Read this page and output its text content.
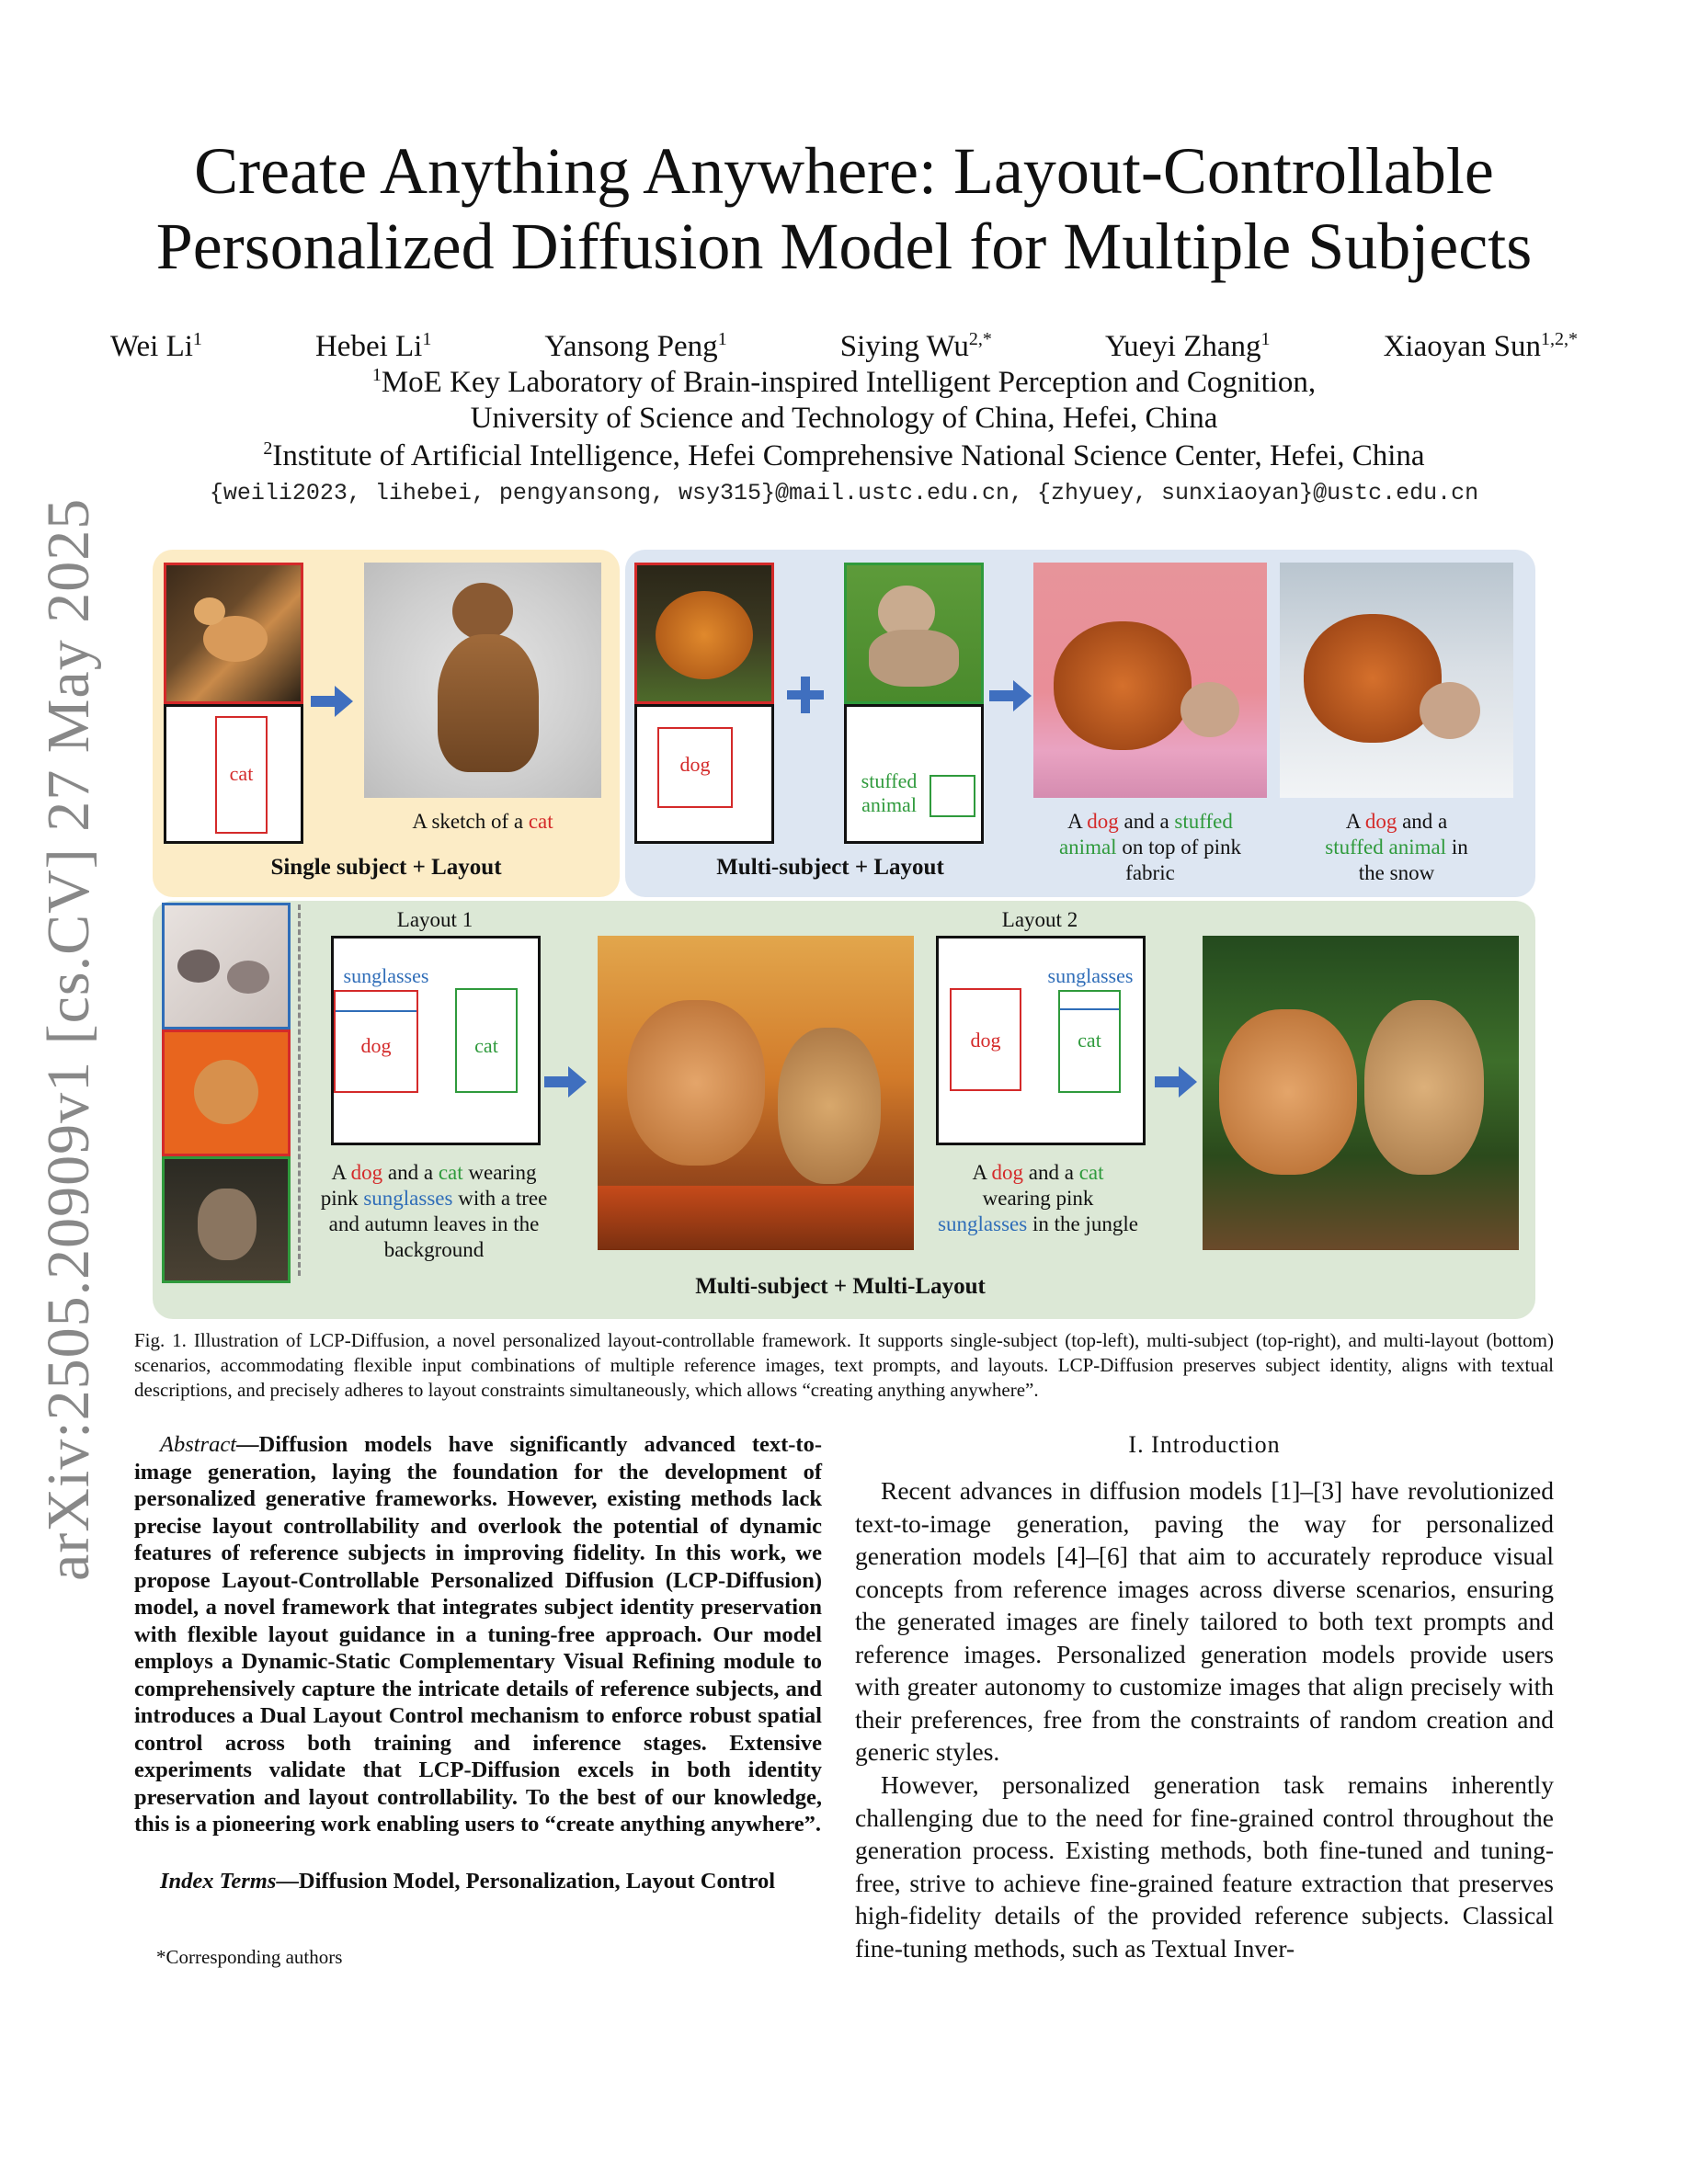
arXiv:2505.20909v1 [cs.CV] 27 May 2025
Create Anything Anywhere: Layout-Controllable
Personalized Diffusion Model for Multiple Subjects
Wei Li$^1$	Hebei Li$^1$	Yansong Peng$^1$	Siying $Wu^{2,*}$	Yueyi Zhang$^1$	Xiaoyan Sun$^{1,2,*}$
$^1$MoE Key Laboratory of Brain-inspired Intelligent Perception and Cognition,
University of Science and Technology of China, Hefei, China
$^2$Institute of Artificial Intelligence, Hefei Comprehensive National Science Center, Hefei, China
{weili2023, lihebei, pengyansong, wsy315}@mail.ustc.edu.cn, {zhyuey, sunxiaoyan}@ustc.edu.cn
cat
A sketch of a cat
Single subject + Layout
dog
stuffed
animal
A dog and a stuffed
animal on top of pink
fabric
A dog and a
stuffed animal in
the snow
Multi-subject + Layout
Layout 1
sunglasses
dog	cat
A dog and a cat wearing
pink sunglasses with a tree
and autumn leaves in the
background
Layout 2
sunglasses
dog	cat
A dog and a cat
wearing pink
sunglasses in the jungle
Multi-subject + Multi-Layout
Fig. 1. Illustration of LCP-Diffusion, a novel personalized layout-controllable framework. It supports single-subject (top-left), multi-subject (top-right), and multi-layout (bottom) scenarios, accommodating flexible input combinations of multiple reference images, text prompts, and layouts. LCP-Diffusion preserves subject identity, aligns with textual descriptions, and precisely adheres to layout constraints simultaneously, which allows “creating anything anywhere”.
Abstract—Diffusion models have significantly advanced text-to-image generation, laying the foundation for the development of personalized generative frameworks. However, existing methods lack precise layout controllability and overlook the potential of dynamic features of reference subjects in improving fidelity. In this work, we propose Layout-Controllable Personalized Diffusion (LCP-Diffusion) model, a novel framework that integrates subject identity preservation with flexible layout guidance in a tuning-free approach. Our model employs a Dynamic-Static Complementary Visual Refining module to comprehensively capture the intricate details of reference subjects, and introduces a Dual Layout Control mechanism to enforce robust spatial control across both training and inference stages. Extensive experiments validate that LCP-Diffusion excels in both identity preservation and layout controllability. To the best of our knowledge, this is a pioneering work enabling users to “create anything anywhere”.
Index Terms—Diffusion Model, Personalization, Layout Control
*Corresponding authors
I. Introduction
Recent advances in diffusion models [1]–[3] have revolutionized text-to-image generation, paving the way for personalized generation models [4]–[6] that aim to accurately reproduce visual concepts from reference images across diverse scenarios, ensuring the generated images are finely tailored to both text prompts and reference images. Personalized generation models provide users with greater autonomy to customize images that align precisely with their preferences, free from the constraints of random creation and generic styles.
However, personalized generation task remains inherently challenging due to the need for fine-grained control throughout the generation process. Existing methods, both fine-tuned and tuning-free, strive to achieve fine-grained feature extraction that preserves high-fidelity details of the provided reference subjects. Classical fine-tuning methods, such as Textual Inver-
